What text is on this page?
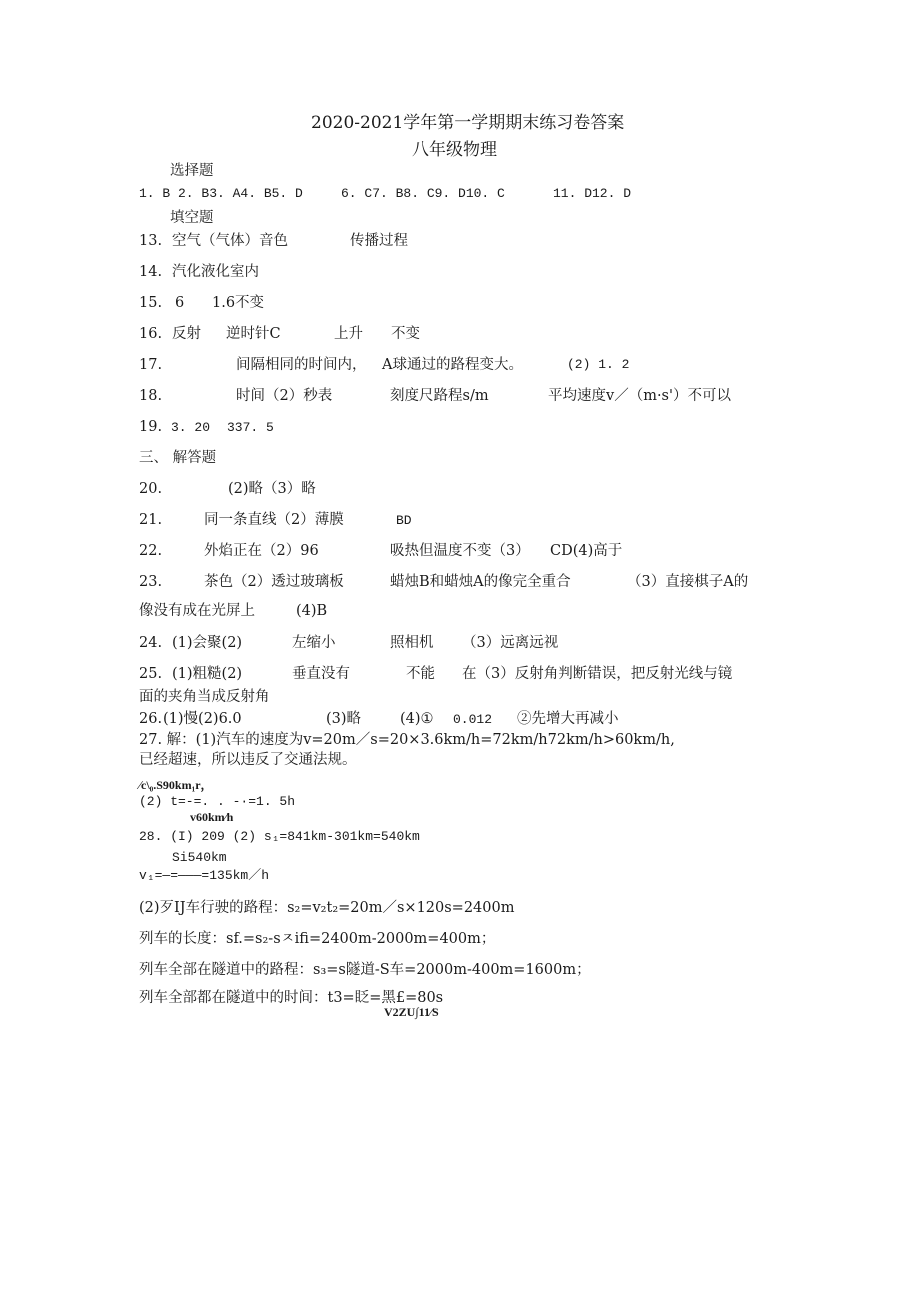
2020-2021学年第一学期期末练习卷答案
八年级物理
选择题
1. B 2. B3. A4. B5. D	6. C7. B8. C9. D10. C	11. D12. D
填空题
13. 空气（气体）音色	传播过程
14. 汽化液化室内
15. 6 1.6不变
16. 反射 逆时针C	上升 不变
17.	间隔相同的时间内， A球通过的路程变大。	(2) 1. 2
18.	时间（2）秒表	刻度尺路程s/m	平均速度v／（m·s'）不可以
19. 3. 20 337. 5
三、 解答题
20.	(2)略（3）略
21.	同一条直线（2）薄膜	BD
22.	外焰正在（2）96	吸热但温度不变（3） CD(4)高于
23.	茶色（2）透过玻璃板	蜡烛B和蜡烛A的像完全重合	（3）直接棋子A的
像没有成在光屏上	(4)B
24. (1)会聚(2)	左缩小	照相机 （3）远离远视
25. (1)粗糙(2)	垂直没有	不能 在（3）反射角判断错误，把反射光线与镜
面的夹角当成反射角
26. (1)慢(2)6.0	(3)略	(4)① 0.012 ②先增大再减小
27. 解：(1)汽车的速度为v=20m／s=20×3.6km/h=72km/h72km/h>60km/h,
已经超速，所以违反了交通法规。
∕c\₀.S90km₁r，
(2) t=-=. . -·=1. 5h
v60km∕h
28. (I) 209 (2) s₁=841km-301km=540km
Si540km
v₁=—=———=135km／h
(2)歹IJ车行驶的路程：s₂=v₂t₂=20m／s×120s=2400m
列车的长度：sf.=s₂-sㅈifi=2400m-2000m=400m；
列车全部在隧道中的路程：s₃=s隧道-S车=2000m-400m=1600m；
列车全部都在隧道中的时间：t3=眨=黑£=80s
V2ZU∫11∕S
